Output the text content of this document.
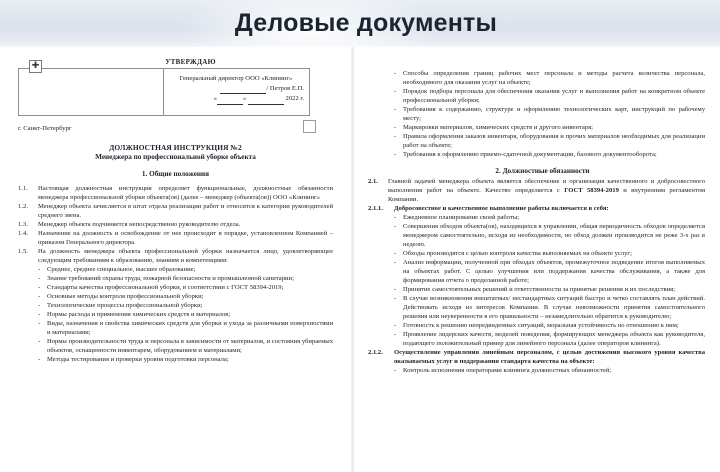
Деловые документы
УТВЕРЖДАЮ
✚
Генеральный директор ООО «Клининг»
/ Петров Е.П.
«	»	2022 г.
г. Санкт-Петербург
ДОЛЖНОСТНАЯ ИНСТРУКЦИЯ №2
Менеджера по профессиональной уборке объекта
1. Общие положения
1.1.	Настоящая должностная инструкция определяет функциональные, должностные обязанности менеджера профессиональной уборки объекта(ов) (далее – менеджер (объекта(ов)) ООО «Клининг»
1.2.	Менеджер объекта зачисляется в штат отдела реализации работ и относится к категории руководителей среднего звена.
1.3.	Менеджер объекта подчиняется непосредственно руководителю отдела.
1.4.	Назначение на должность и освобождение от нее происходит в порядке, установленном Компанией – приказом Генерального директора.
1.5.	На должность менеджера объекта профессиональной уборки назначается лицо, удовлетворяющее следующим требованиям к образованию, знаниям и компетенциям:
-	Среднее, среднее специальное, высшее образование;
-	Знание требований охраны труда, пожарной безопасности и промышленной санитарии;
-	Стандарты качества профессиональной уборки, в соответствии с ГОСТ 58394-2019;
-	Основные методы контроля профессиональной уборки;
-	Технологические процессы профессиональной уборки;
-	Нормы расхода и применения химических средств и материалов;
-	Виды, назначения и свойства химических средств для уборки и ухода за различными поверхностями и материалами;
-	Нормы производительности труда и персонала в зависимости от материалов, и состояния убираемых объектов, оснащенности инвентарем, оборудованием и материалами;
-	Методы тестирования и проверки уровня подготовки персонала;
-	Способы определения границ рабочих мест персонала и методы расчета количества персонала, необходимого для оказания услуг на объекте;
-	Порядок подбора персонала для обеспечения оказания услуг и выполнения работ на конкретном объекте профессиональной уборки;
-	Требования к содержанию, структуре и оформлению технологических карт, инструкций по рабочему месту;
-	Маркировки материалов, химических средств и другого инвентаря;
-	Правила оформления заказов инвентаря, оборудования и прочих материалов необходимых для реализации работ на объекте;
-	Требования к оформлению приемо-сдаточной документации, базового документооборота;
2. Должностные обязанности
2.1.	Главной задачей менеджера объекта является обеспечение и организация качественного и добросовестного выполнения работ на объекте. Качество определяется с ГОСТ 58394-2019 и внутренним регламентом Компании.
2.1.1.	Добросовестное и качественное выполнение работы включается в себя:
-	Ежедневное планирование своей работы;
-	Совершения обходов объекта(ов), находящихся в управлении, общая периодичность обходов определяется менеджером самостоятельно, исходя из необходимости, но обход должен производится не реже 3-х раз в неделю.
-	Обходы производятся с целью контроля качества выполняемых на объекте услуг;
-	Анализ информации, полученной при обходах объектов, промежуточное подведение итогов выполняемых на объектах работ. С целью улучшения или поддержания качества обслуживания, а также для формирования отчета о проделанной работе;
-	Принятие самостоятельных решений и ответственности за принятые решения и их последствия;
-	В случае возникновения внештатных/ нестандартных ситуаций быстро и четко составлять план действий. Действовать исходя из интересов Компании. В случае невозможности принятия самостоятельного решения или неуверенности в его правильности – незамедлительно обратится к руководителю;
-	Готовность к решению непредвиденных ситуаций, моральная устойчивость по отношению к ним;
-	Проявление лидерских качеств, моделей поведения, формирующих менеджера объекта как руководителя, подающего положительный пример для линейного персонала (далее операторов клининга).
2.1.2.	Осуществление управления линейным персоналом, с целью достижения высокого уровня качества оказываемых услуг и поддержания стандарта качества на объекте:
-	Контроль исполнения операторами клининга должностных обязанностей;
